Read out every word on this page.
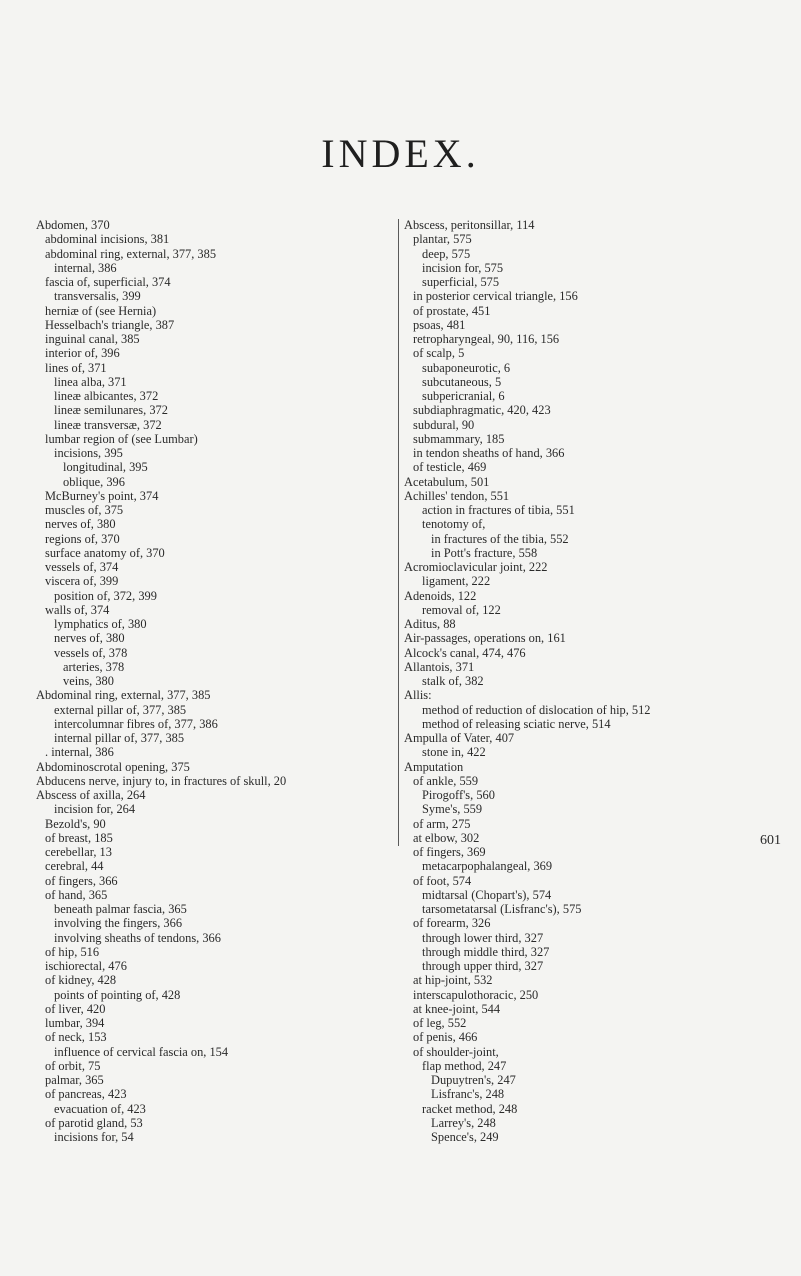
INDEX.
Abdomen, 370
abdominal incisions, 381
abdominal ring, external, 377, 385
internal, 386
fascia of, superficial, 374
transversalis, 399
herniæ of (see Hernia)
Hesselbach's triangle, 387
inguinal canal, 385
interior of, 396
lines of, 371
linea alba, 371
lineæ albicantes, 372
lineæ semilunares, 372
lineæ transversæ, 372
lumbar region of (see Lumbar)
incisions, 395
longitudinal, 395
oblique, 396
McBurney's point, 374
muscles of, 375
nerves of, 380
regions of, 370
surface anatomy of, 370
vessels of, 374
viscera of, 399
position of, 372, 399
walls of, 374
lymphatics of, 380
nerves of, 380
vessels of, 378
arteries, 378
veins, 380
Abdominal ring, external, 377, 385
external pillar of, 377, 385
intercolumnar fibres of, 377, 386
internal pillar of, 377, 385
. internal, 386
Abdominoscrotal opening, 375
Abducens nerve, injury to, in fractures of skull, 20
Abscess of axilla, 264
incision for, 264
Bezold's, 90
of breast, 185
cerebellar, 13
cerebral, 44
of fingers, 366
of hand, 365
beneath palmar fascia, 365
involving the fingers, 366
involving sheaths of tendons, 366
of hip, 516
ischiorectal, 476
of kidney, 428
points of pointing of, 428
of liver, 420
lumbar, 394
of neck, 153
influence of cervical fascia on, 154
of orbit, 75
palmar, 365
of pancreas, 423
evacuation of, 423
of parotid gland, 53
incisions for, 54
Abscess, peritonsillar, 114
plantar, 575
deep, 575
incision for, 575
superficial, 575
in posterior cervical triangle, 156
of prostate, 451
psoas, 481
retropharyngeal, 90, 116, 156
of scalp, 5
subaponeurotic, 6
subcutaneous, 5
subpericranial, 6
subdiaphragmatic, 420, 423
subdural, 90
submammary, 185
in tendon sheaths of hand, 366
of testicle, 469
Acetabulum, 501
Achilles' tendon, 551
action in fractures of tibia, 551
tenotomy of,
in fractures of the tibia, 552
in Pott's fracture, 558
Acromioclavicular joint, 222
ligament, 222
Adenoids, 122
removal of, 122
Aditus, 88
Air-passages, operations on, 161
Alcock's canal, 474, 476
Allantois, 371
stalk of, 382
Allis:
method of reduction of dislocation of hip, 512
method of releasing sciatic nerve, 514
Ampulla of Vater, 407
stone in, 422
Amputation
of ankle, 559
Pirogoff's, 560
Syme's, 559
of arm, 275
at elbow, 302
of fingers, 369
metacarpophalangeal, 369
of foot, 574
midtarsal (Chopart's), 574
tarsometatarsal (Lisfranc's), 575
of forearm, 326
through lower third, 327
through middle third, 327
through upper third, 327
at hip-joint, 532
interscapulothoracic, 250
at knee-joint, 544
of leg, 552
of penis, 466
of shoulder-joint,
flap method, 247
Dupuytren's, 247
Lisfranc's, 248
racket method, 248
Larrey's, 248
Spence's, 249
601
